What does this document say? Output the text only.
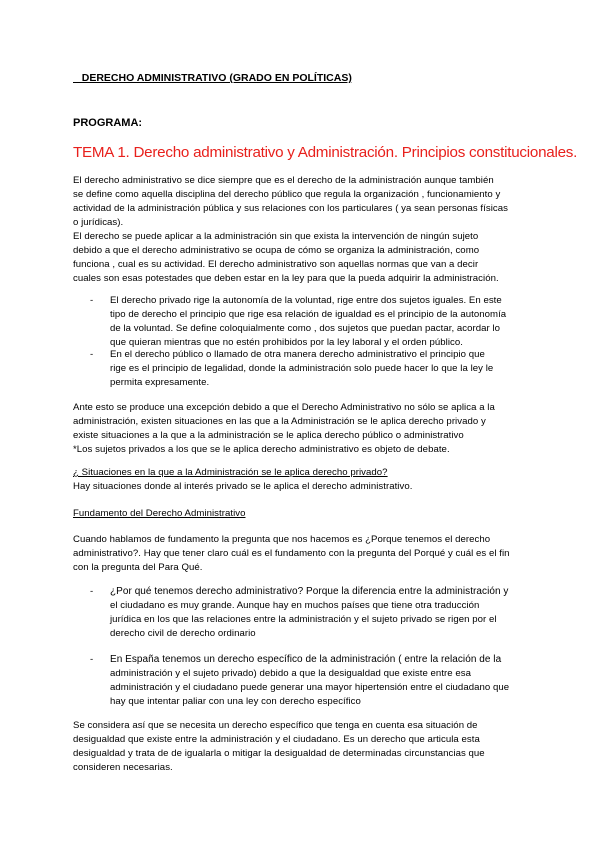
DERECHO ADMINISTRATIVO (GRADO EN POLÍTICAS)
PROGRAMA:
TEMA 1. Derecho administrativo y Administración. Principios constitucionales.
El derecho administrativo se dice siempre que es el derecho de la administración aunque también
se define como aquella disciplina del derecho público que regula la organización , funcionamiento y
actividad de la administración pública y sus relaciones con los particulares ( ya sean personas físicas
o jurídicas).
El derecho se puede aplicar a la administración sin que exista la intervención de ningún sujeto
debido a que el derecho administrativo se ocupa de cómo se organiza la administración, como
funciona , cual es su actividad. El derecho administrativo son aquellas normas que van a decir
cuales son esas potestades que deben estar en la ley para que la pueda adquirir la administración.
- El derecho privado rige la autonomía de la voluntad, rige entre dos sujetos iguales. En este
tipo de derecho el principio que rige esa relación de igualdad es el principio de la autonomía
de la voluntad. Se define coloquialmente como , dos sujetos que puedan pactar, acordar lo
que quieran mientras que no estén prohibidos por la ley laboral y el orden público.
- En el derecho público o llamado de otra manera derecho administrativo el principio que
rige es el principio de legalidad, donde la administración solo puede hacer lo que la ley le
permita expresamente.
Ante esto se produce una excepción debido a que el Derecho Administrativo no sólo se aplica a la
administración, existen situaciones en las que a la Administración se le aplica derecho privado y
existe situaciones a la que a la administración se le aplica derecho público o administrativo
*Los sujetos privados a los que se le aplica derecho administrativo es objeto de debate.
¿ Situaciones en la que a la Administración se le aplica derecho privado?
Hay situaciones donde al interés privado se le aplica el derecho administrativo.
Fundamento del Derecho Administrativo
Cuando hablamos de fundamento la pregunta que nos hacemos es ¿Porque tenemos el derecho
administrativo?. Hay que tener claro cuál es el fundamento con la pregunta del Porqué y cuál es el fin
con la pregunta del Para Qué.
- ¿Por qué tenemos derecho administrativo? Porque la diferencia entre la administración y
el ciudadano es muy grande. Aunque hay en muchos países que tiene otra traducción
jurídica en los que las relaciones entre la administración y el sujeto privado se rigen por el
derecho civil de derecho ordinario
- En España tenemos un derecho específico de la administración ( entre la relación de la
administración y el sujeto privado) debido a que la desigualdad que existe entre esa
administración y el ciudadano puede generar una mayor hipertensión entre el ciudadano que
hay que intentar paliar con una ley con derecho específico
Se considera así que se necesita un derecho específico que tenga en cuenta esa situación de
desigualdad que existe entre la administración y el ciudadano. Es un derecho que articula esta
desigualdad y trata de de igualarla o mitigar la desigualdad de determinadas circunstancias que
consideren necesarias.
